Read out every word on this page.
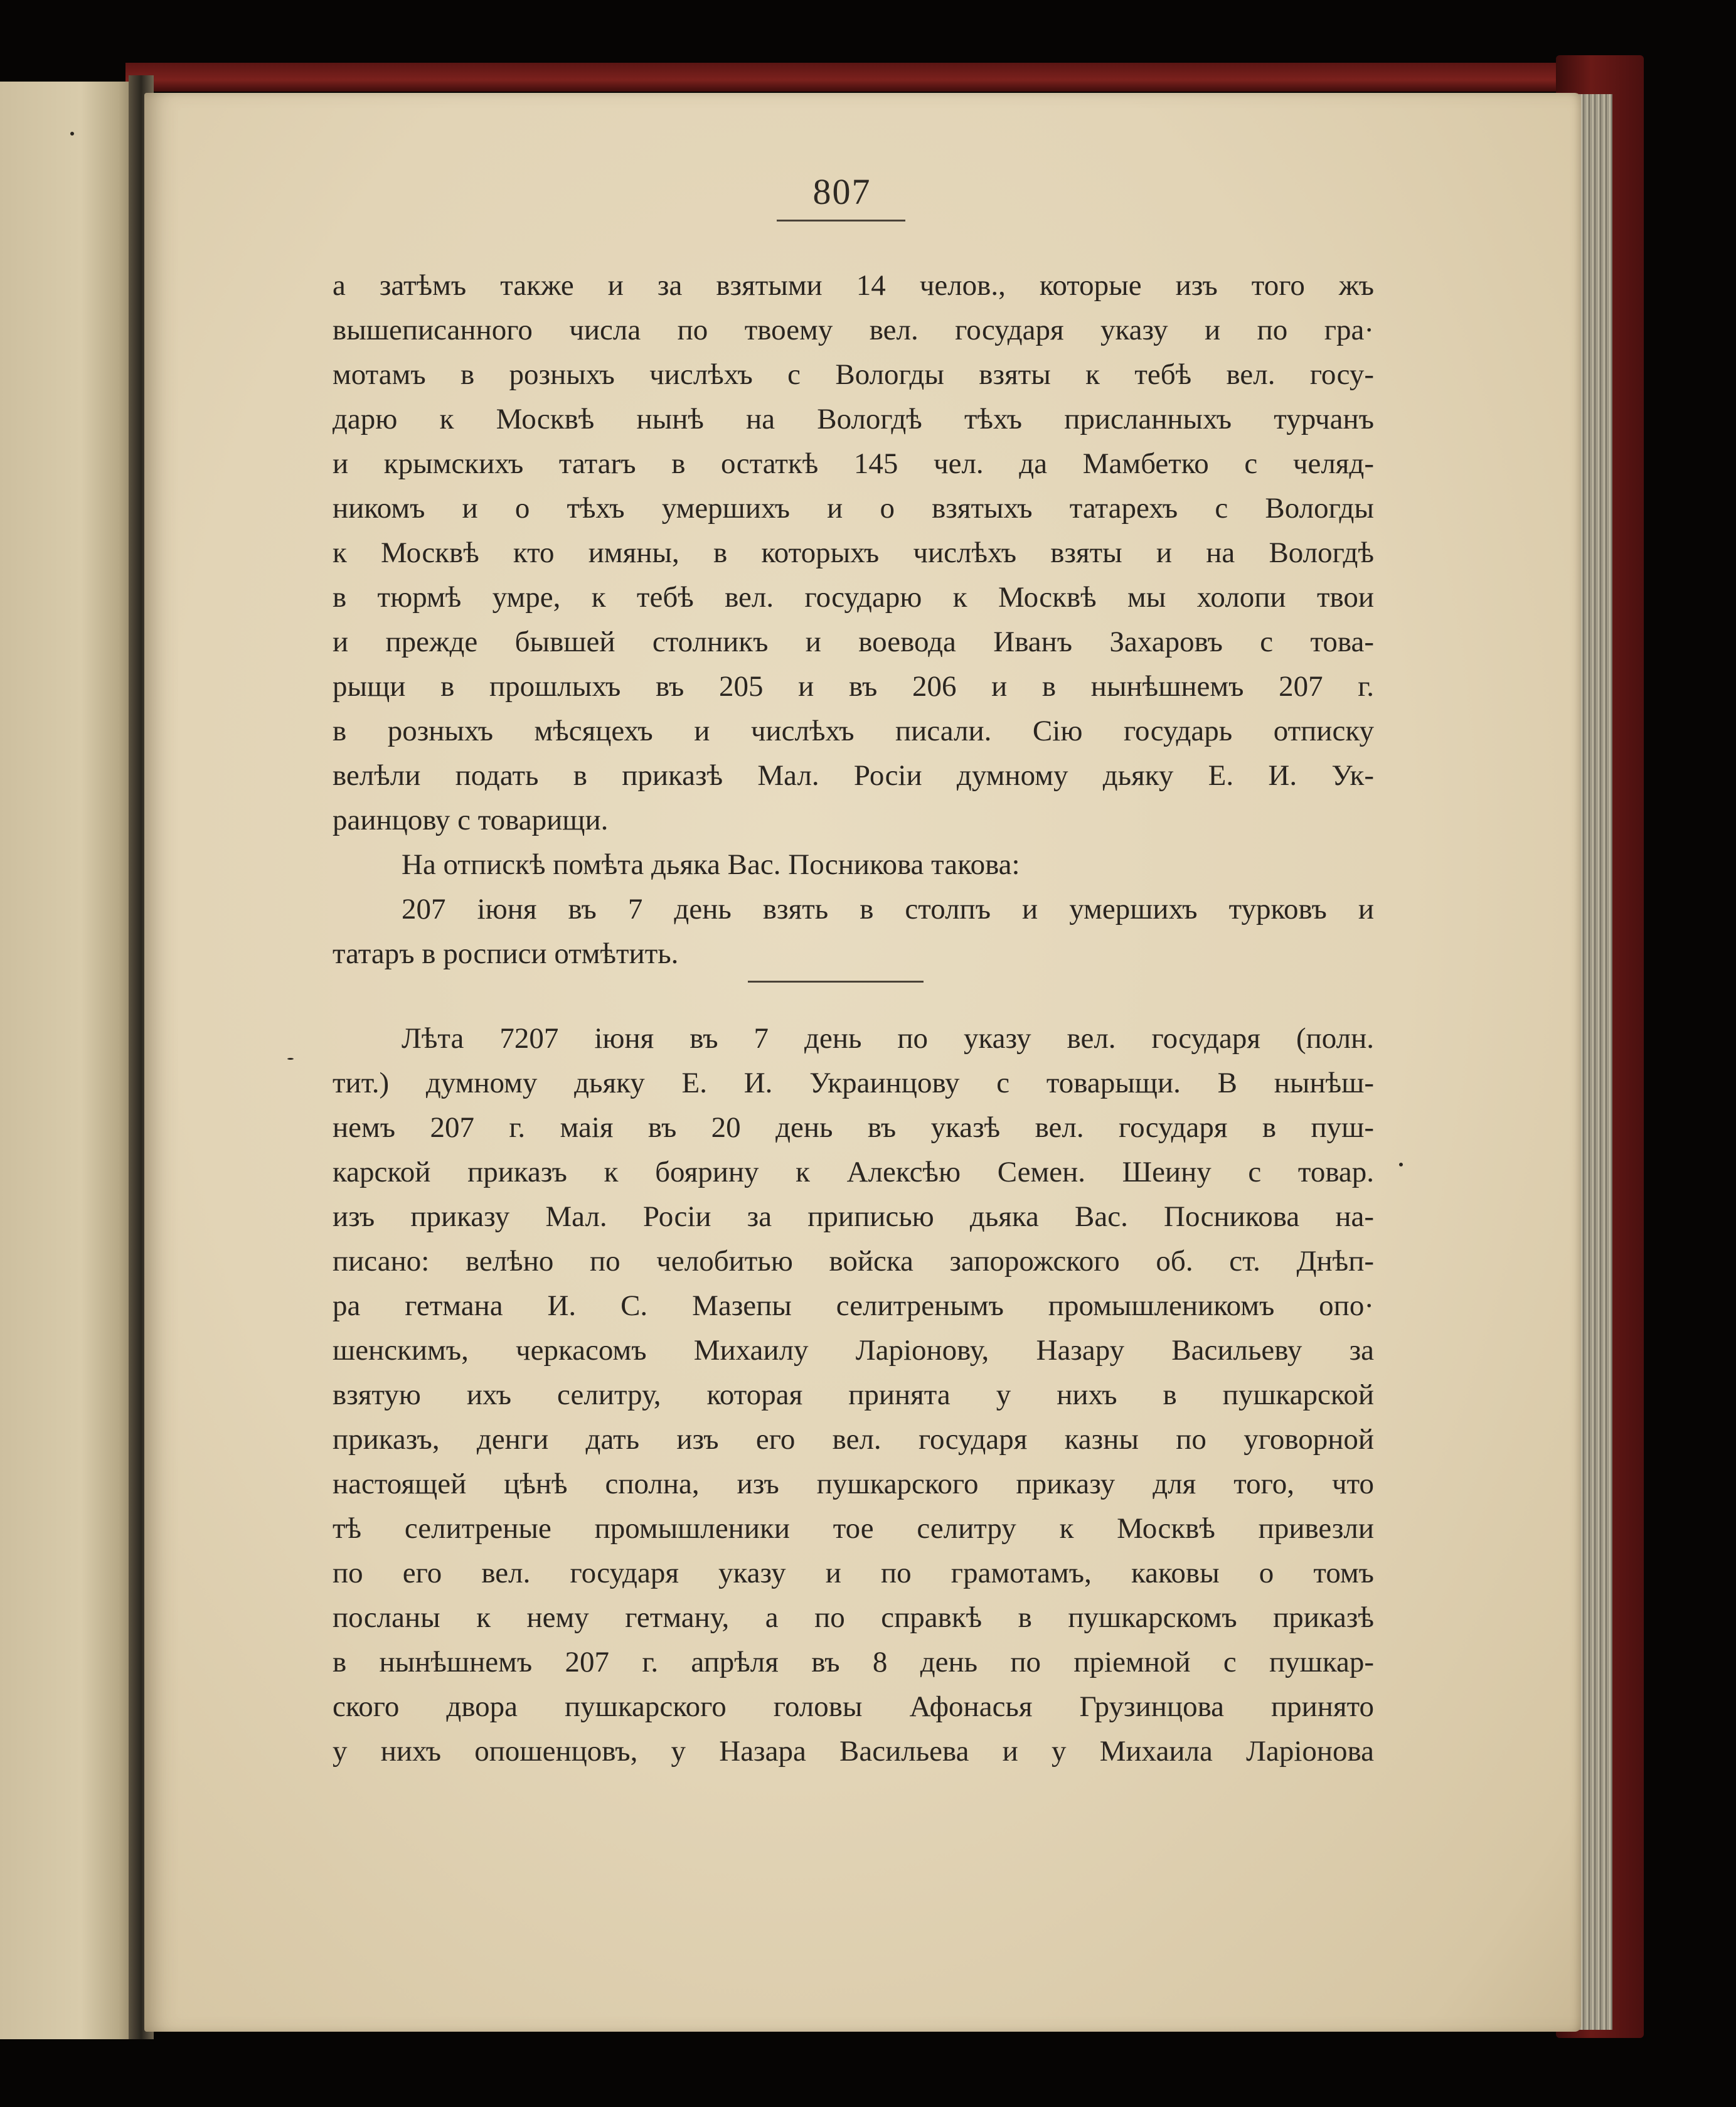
807
а затѣмъ также и за взятыми 14 челов., которые изъ того жъ
вышеписанного числа по твоему вел. государя указу и по гра·
мотамъ в розныхъ числѣхъ с Вологды взяты к тебѣ вел. госу-
дарю к Москвѣ нынѣ на Вологдѣ тѣхъ присланныхъ турчанъ
и крымскихъ татаrъ в остаткѣ 145 чел. да Мамбетко с челяд-
никомъ и о тѣхъ умершихъ и о взятыхъ татарехъ с Вологды
к Москвѣ кто имяны, в которыхъ числѣхъ взяты и на Вологдѣ
в тюрмѣ умре, к тебѣ вел. государю к Москвѣ мы холопи твои
и прежде бывшей столникъ и воевода Иванъ Захаровъ с това-
рыщи в прошлыхъ въ 205 и въ 206 и в нынѣшнемъ 207 г.
в розныхъ мѣсяцехъ и числѣхъ писали. Сію государь отписку
велѣли подать в приказѣ Мал. Росіи думному дьяку Е. И. Ук-
раинцову с товарищи.
На отпискѣ помѣта дьяка Вас. Посникова такова:
207 іюня въ 7 день взять в столпъ и умершихъ турковъ и
татаръ в росписи отмѣтить.
Лѣта 7207 іюня въ 7 день по указу вел. государя (полн.
тит.) думному дьяку Е. И. Украинцову с товарыщи. В нынѣш-
немъ 207 г. маія въ 20 день въ указѣ вел. государя в пуш-
карской приказъ к боярину к Алексѣю Семен. Шеину с товар.
изъ приказу Мал. Росіи за приписью дьяка Вас. Посникова на-
писано: велѣно по челобитью войска запорожского об. ст. Днѣп-
ра гетмана И. С. Мазепы селитренымъ промышленикомъ опо·
шенскимъ, черкасомъ Михаилу Ларіонову, Назару Васильеву за
взятую ихъ селитру, которая принята у нихъ в пушкарской
приказъ, денги дать изъ его вел. государя казны по уговорной
настоящей цѣнѣ сполна, изъ пушкарского приказу для того, что
тѣ селитреные промышленики тое селитру к Москвѣ привезли
по его вел. государя указу и по грамотамъ, каковы о томъ
посланы к нему гетману, а по справкѣ в пушкарскомъ приказѣ
в нынѣшнемъ 207 г. апрѣля въ 8 день по пріемной с пушкар-
ского двора пушкарского головы Афонасья Грузинцова принято
у нихъ опошенцовъ, у Назара Васильева и у Михаила Ларіонова
